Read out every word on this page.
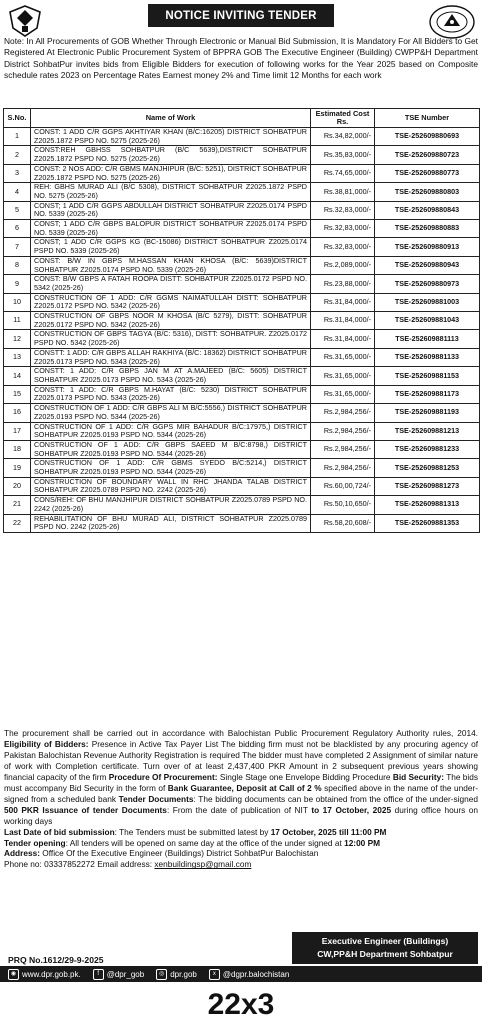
NOTICE INVITING TENDER

Note: In All Procurements of GOB Whether Through Electronic or Manual Bid Submission, It is Mandatory For All Bidders to Get Registered At Electronic Public Procurement System of BPPRA GOB The Executive Engineer (Building) CWPP&H Department District SohbatPur invites bids from Eligible Bidders for execution of following works for the Year 2025 based on Composite schedule rates 2023 on Percentage Rates Earnest money 2% and Time limit 12 Months for each work

S.No.	Name of Work	Estimated Cost Rs.	TSE Number
1	CONST: 1 ADD C/R GGPS AKHTIYAR KHAN (B/C:16205) DISTRICT SOHBATPUR Z2025.1872 PSPD NO. 5275 (2025-26)	Rs.34,82,000/-	TSE-252609880693
2	CONST:REH GBHSS SOHBATPUR (B/C 5639),DISTRICT SOHBATPUR Z2025.1872 PSPD NO. 5275 (2025-26)	Rs.35,83,000/-	TSE-252609880723
3	CONST: 2 NOS ADD: C/R GBMS MANJHIPUR (B/C: 5251), DISTRICT SOHBATPUR Z2025.1872 PSPD NO. 5275 (2025-26)	Rs.74,65,000/-	TSE-252609880773
4	REH: GBHS MURAD ALI (B/C 5308), DISTRICT SOHBATPUR Z2025.1872 PSPD NO. 5275 (2025-26)	Rs.38,81,000/-	TSE-252609880803
5	CONST; 1 ADD C/R GGPS ABDULLAH DISTRICT SOHBATPUR Z2025.0174 PSPD NO. 5339 (2025-26)	Rs.32,83,000/-	TSE-252609880843
6	CONST; 1 ADD C/R GBPS BALOPUR DISTRICT SOHBATPUR Z2025.0174 PSPD NO. 5339 (2025-26)	Rs.32,83,000/-	TSE-252609880883
7	CONST; 1 ADD C/R GGPS KG (BC-15086) DISTRICT SOHBATPUR Z2025.0174 PSPD NO. 5339 (2025-26)	Rs.32,83,000/-	TSE-252609880913
8	CONST: B/W IN GBPS M.HASSAN KHAN KHOSA (B/C: 5639)DISTRICT SOHBATPUR Z2025.0174 PSPD NO. 5339 (2025-26)	Rs.2,089,000/-	TSE-252609880943
9	CONST: B/W GBPS A FATAH ROOPA DISTT: SOHBATPUR Z2025.0172 PSPD NO. 5342 (2025-26)	Rs.23,88,000/-	TSE-252609880973
10	CONSTRUCTION OF 1 ADD: C/R GGMS NAIMATULLAH DISTT: SOHBATPUR Z2025.0172 PSPD NO. 5342 (2025-26)	Rs.31,84,000/-	TSE-252609881003
11	CONSTRUCTION OF GBPS NOOR M KHOSA (B/C 5279), DISTT: SOHBATPUR Z2025.0172 PSPD NO. 5342 (2025-26)	Rs.31,84,000/-	TSE-252609881043
12	CONSTRUCTION OF GBPS TAGYA (B/C: 5316), DISTT: SOHBATPUR. Z2025.0172 PSPD NO. 5342 (2025-26)	Rs.31,84,000/-	TSE-252609881113
13	CONSTT: 1 ADD: C/R GBPS ALLAH RAKHIYA (B/C: 18362) DISTRICT SOHBATPUR Z2025.0173 PSPD NO. 5343 (2025-26)	Rs.31,65,000/-	TSE-252609881133
14	CONSTT: 1 ADD: C/R GBPS JAN M AT A.MAJEED (B/C: 5605) DISTRICT SOHBATPUR Z2025.0173 PSPD NO. 5343 (2025-26)	Rs.31,65,000/-	TSE-252609881153
15	CONSTT: 1 ADD: C/R GBPS M.HAYAT (B/C: 5230) DISTRICT SOHBATPUR Z2025.0173 PSPD NO. 5343 (2025-26)	Rs.31,65,000/-	TSE-252609881173
16	CONSTRUCTION OF 1 ADD: C/R GBPS ALI M B/C:5556,) DISTRICT SOHBATPUR Z2025.0193 PSPD NO. 5344 (2025-26)	Rs.2,984,256/-	TSE-252609881193
17	CONSTRUCTION OF 1 ADD: C/R GGPS MIR BAHADUR B/C:17975,) DISTRICT SOHBATPUR Z2025.0193 PSPD NO. 5344 (2025-26)	Rs.2,984,256/-	TSE-252609881213
18	CONSTRUCTION OF 1 ADD: C/R GBPS SAEED M B/C:8798,) DISTRICT SOHBATPUR Z2025.0193 PSPD NO. 5344 (2025-26)	Rs.2,984,256/-	TSE-252609881233
19	CONSTRUCTION OF 1 ADD: C/R GBMS SYEDO B/C:5214,) DISTRICT SOHBATPUR Z2025.0193 PSPD NO. 5344 (2025-26)	Rs.2,984,256/-	TSE-252609881253
20	CONSTRUCTION OF BOUNDARY WALL IN RHC JHANDA TALAB DISTRICT SOHBATPUR Z2025.0789 PSPD NO. 2242 (2025-26)	Rs.60,00,724/-	TSE-252609881273
21	CONS/REH: OF BHU MANJHIPUR DISTRICT SOHBATPUR Z2025.0789 PSPD NO. 2242 (2025-26)	Rs.50,10,650/-	TSE-252609881313
22	REHABILITATION OF BHU MURAD ALI, DISTRICT SOHBATPUR Z2025.0789 PSPD NO. 2242 (2025-26)	Rs.58,20,608/-	TSE-252609881353

The procurement shall be carried out in accordance with Balochistan Public Procurement Regulatory Authority rules, 2014. Eligibility of Bidders: Presence in Active Tax Payer List The bidding firm must not be blacklisted by any procuring agency of Pakistan Balochistan Revenue Authority Registration is required The bidder must have completed 2 Assignment of similar nature of work with Completion certificate. Turn over of at least 2,437,400 PKR Amount in 2 subsequent previous years showing financial capacity of the firm Procedure Of Procurement: Single Stage one Envelope Bidding Procedure Bid Security: The bids must accompany Bid Security in the form of Bank Guarantee, Deposit at Call of 2 % specified above in the name of the under-signed from a scheduled bank Tender Documents: The bidding documents can be obtained from the office of the under-signed 500 PKR Issuance of tender Documents: From the date of publication of NIT to 17 October, 2025 during office hours on working days
Last Date of bid submission: The Tenders must be submitted latest by 17 October, 2025 till 11:00 PM
Tender opening: All tenders will be opened on same day at the office of the under signed at 12:00 PM
Address: Office Of the Executive Engineer (Buildings) District SohbatPur Balochistan
Phone no: 03337852272 Email address: xenbuildingsp@gmail.com

PRQ No.1612/29-9-2025
Executive Engineer (Buildings)
CW,PP&H Department Sohbatpur
◉ www.dpr.gob.pk.	f @dpr_gob	◎ dpr.gob	x @dgpr.balochistan
22x3
